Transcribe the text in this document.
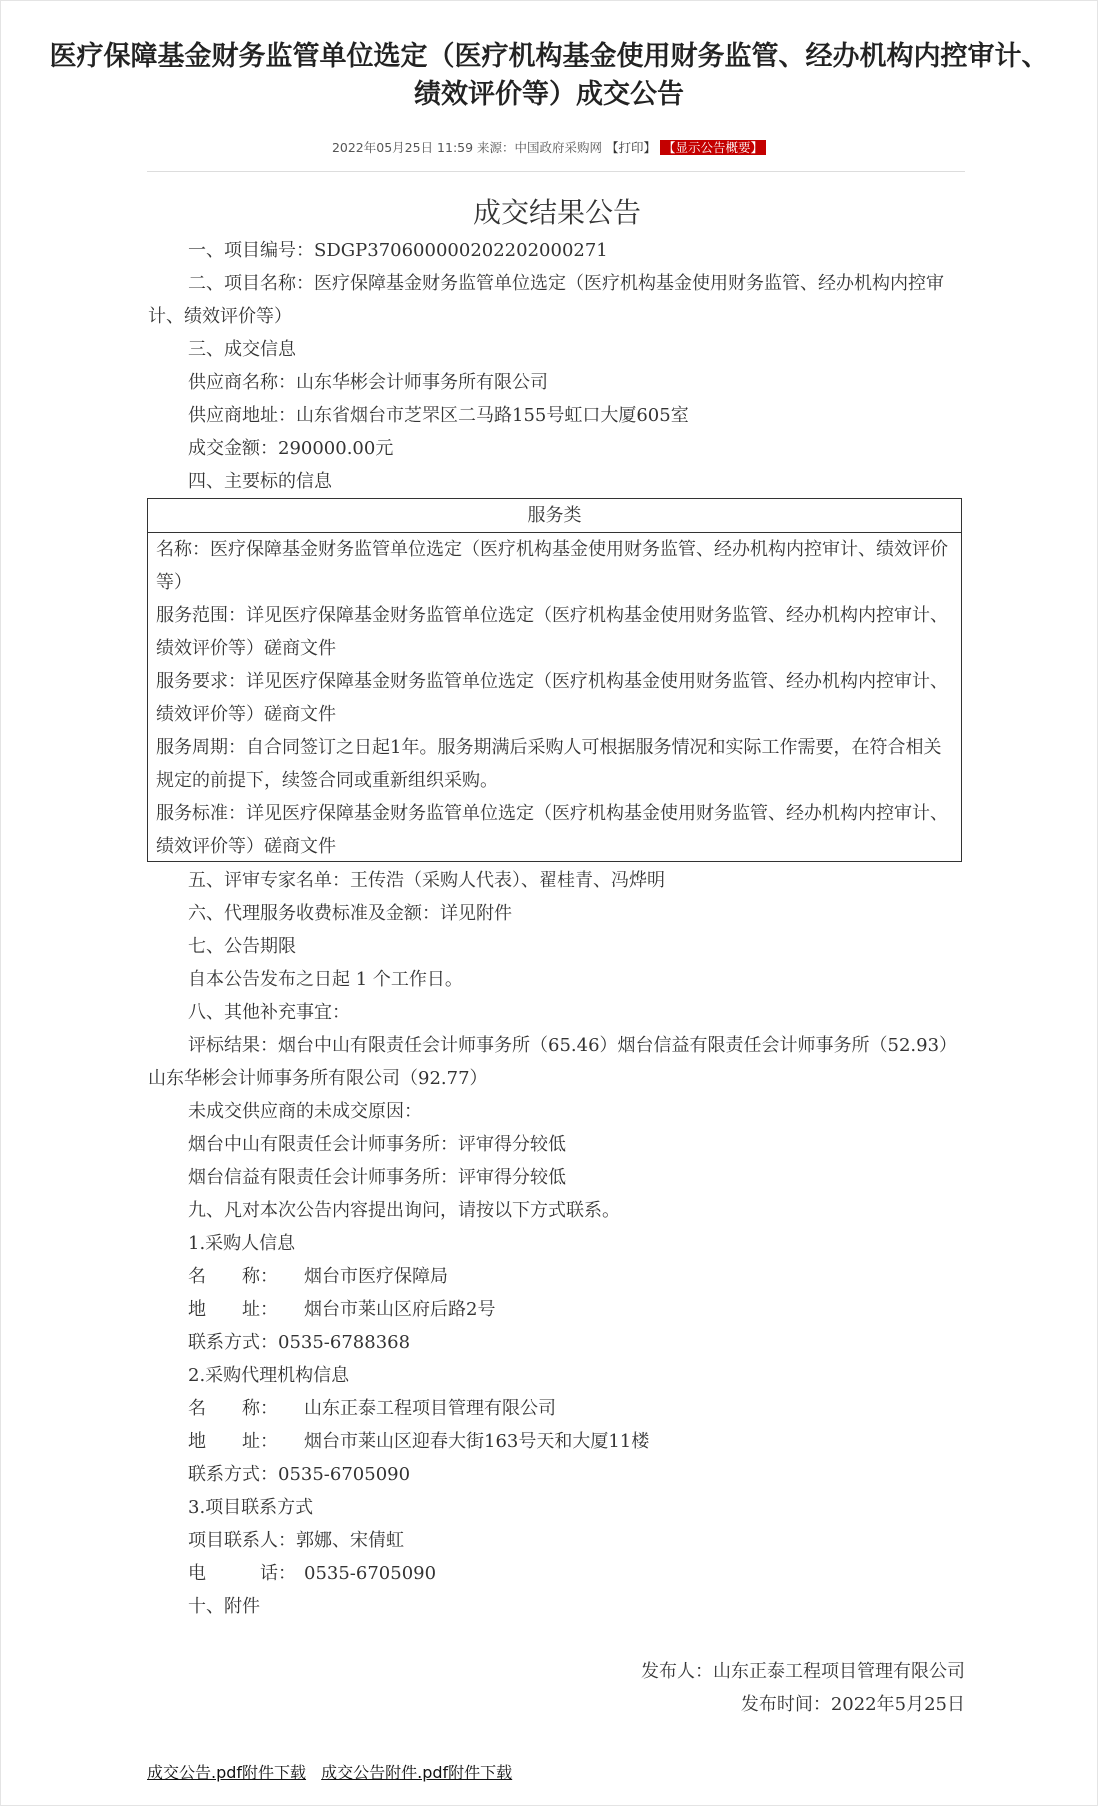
医疗保障基金财务监管单位选定（医疗机构基金使用财务监管、经办机构内控审计、绩效评价等）成交公告
2022年05月25日 11:59 来源：中国政府采购网 【打印】 【显示公告概要】
成交结果公告
一、项目编号：SDGP370600000202202000271
二、项目名称：医疗保障基金财务监管单位选定（医疗机构基金使用财务监管、经办机构内控审计、绩效评价等）
三、成交信息
供应商名称：山东华彬会计师事务所有限公司
供应商地址：山东省烟台市芝罘区二马路155号虹口大厦605室
成交金额：290000.00元
四、主要标的信息
服务类
名称：医疗保障基金财务监管单位选定（医疗机构基金使用财务监管、经办机构内控审计、绩效评价等）
服务范围：详见医疗保障基金财务监管单位选定（医疗机构基金使用财务监管、经办机构内控审计、绩效评价等）磋商文件
服务要求：详见医疗保障基金财务监管单位选定（医疗机构基金使用财务监管、经办机构内控审计、绩效评价等）磋商文件
服务周期：自合同签订之日起1年。服务期满后采购人可根据服务情况和实际工作需要，在符合相关规定的前提下，续签合同或重新组织采购。
服务标准：详见医疗保障基金财务监管单位选定（医疗机构基金使用财务监管、经办机构内控审计、绩效评价等）磋商文件
五、评审专家名单：王传浩（采购人代表）、翟桂青、冯烨明
六、代理服务收费标准及金额：详见附件
七、公告期限
自本公告发布之日起 1 个工作日。
八、其他补充事宜：
评标结果：烟台中山有限责任会计师事务所（65.46）烟台信益有限责任会计师事务所（52.93）山东华彬会计师事务所有限公司（92.77）
未成交供应商的未成交原因：
烟台中山有限责任会计师事务所：评审得分较低
烟台信益有限责任会计师事务所：评审得分较低
九、凡对本次公告内容提出询问，请按以下方式联系。
1.采购人信息
名　　称： 烟台市医疗保障局
地　　址： 烟台市莱山区府后路2号
联系方式：0535-6788368
2.采购代理机构信息
名　　称： 山东正泰工程项目管理有限公司
地　　址： 烟台市莱山区迎春大街163号天和大厦11楼
联系方式：0535-6705090
3.项目联系方式
项目联系人：郭娜、宋倩虹
电　　　话： 0535-6705090
十、附件
发布人：山东正泰工程项目管理有限公司
发布时间：2022年5月25日
成交公告.pdf附件下载 成交公告附件.pdf附件下载
